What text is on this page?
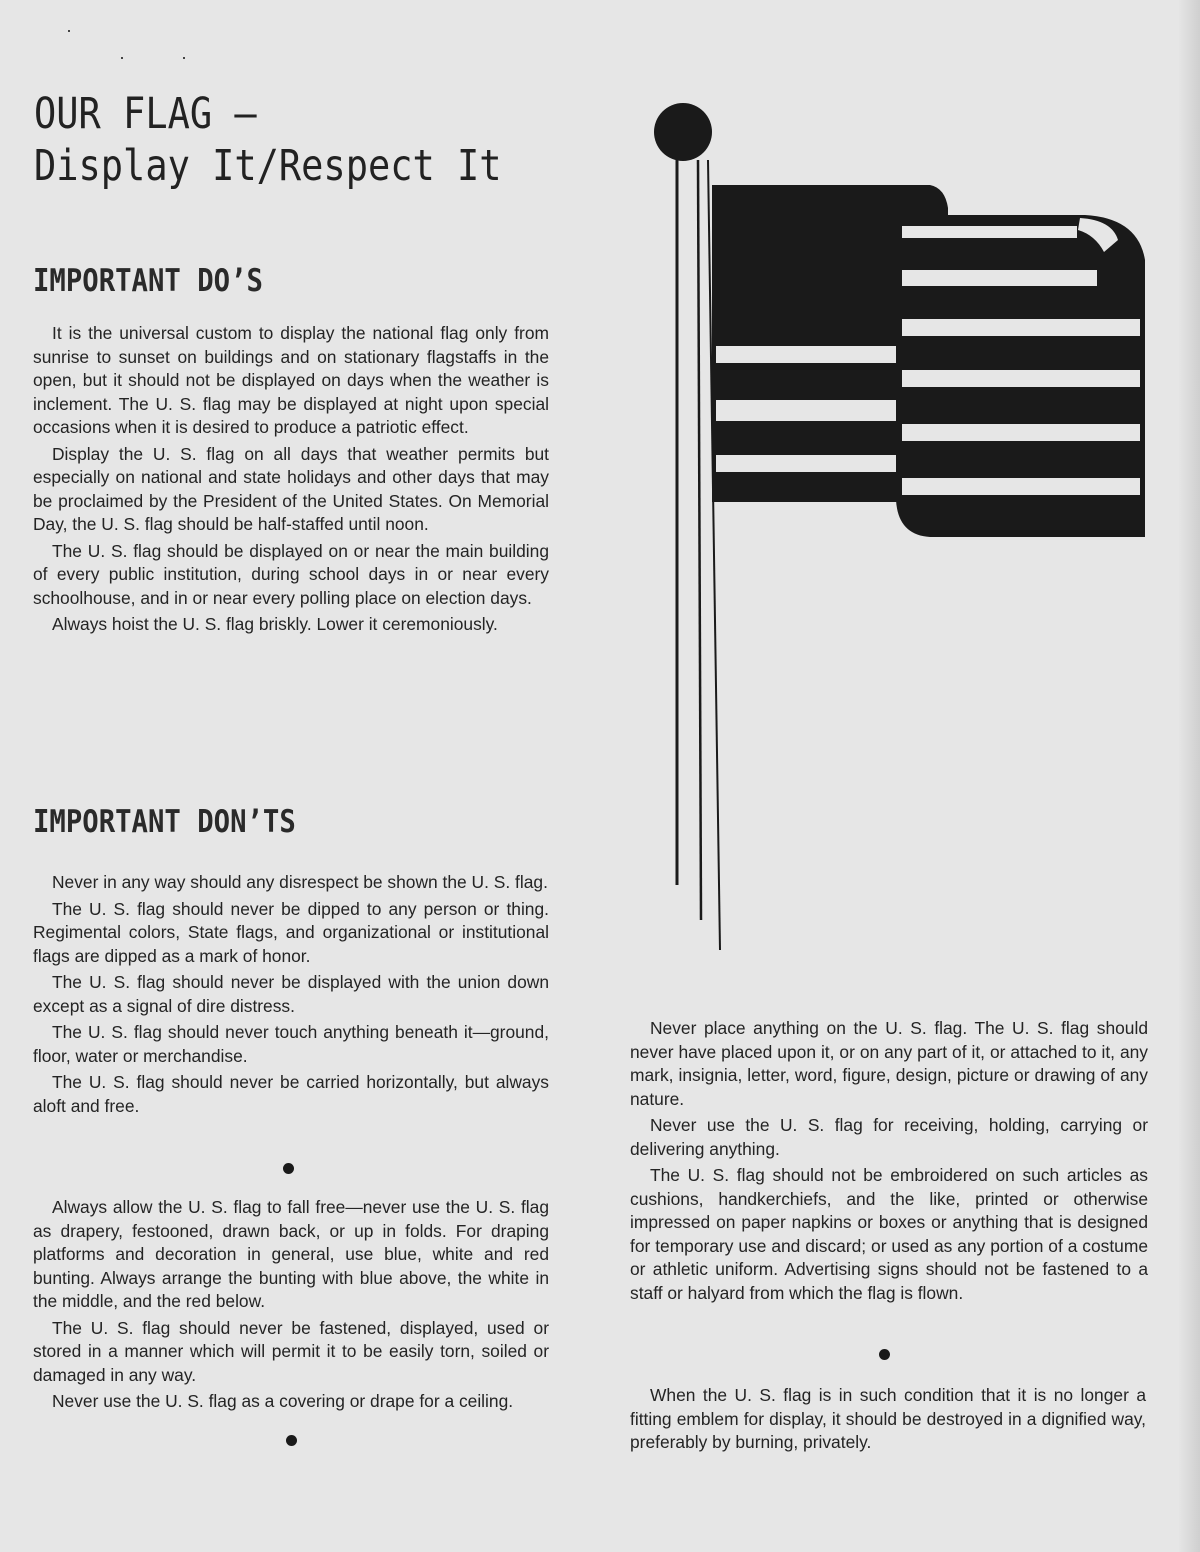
OUR FLAG —
Display It/Respect It
IMPORTANT DO’S

It is the universal custom to display the national flag only from sunrise to sunset on buildings and on stationary flagstaffs in the open, but it should not be displayed on days when the weather is inclement. The U. S. flag may be displayed at night upon special occasions when it is desired to produce a patriotic effect.

Display the U. S. flag on all days that weather permits but especially on national and state holidays and other days that may be proclaimed by the President of the United States. On Memorial Day, the U. S. flag should be half-staffed until noon.

The U. S. flag should be displayed on or near the main building of every public institution, during school days in or near every schoolhouse, and in or near every polling place on election days.

Always hoist the U. S. flag briskly. Lower it ceremoniously.

IMPORTANT DON’TS

Never in any way should any disrespect be shown the U. S. flag.

The U. S. flag should never be dipped to any person or thing. Regimental colors, State flags, and organizational or institutional flags are dipped as a mark of honor.

The U. S. flag should never be displayed with the union down except as a signal of dire distress.

The U. S. flag should never touch anything beneath it—ground, floor, water or merchandise.

The U. S. flag should never be carried horizontally, but always aloft and free.

Always allow the U. S. flag to fall free—never use the U. S. flag as drapery, festooned, drawn back, or up in folds. For draping platforms and decoration in general, use blue, white and red bunting. Always arrange the bunting with blue above, the white in the middle, and the red below.

The U. S. flag should never be fastened, displayed, used or stored in a manner which will permit it to be easily torn, soiled or damaged in any way.

Never use the U. S. flag as a covering or drape for a ceiling.

Never place anything on the U. S. flag. The U. S. flag should never have placed upon it, or on any part of it, or attached to it, any mark, insignia, letter, word, figure, design, picture or drawing of any nature.

Never use the U. S. flag for receiving, holding, carrying or delivering anything.

The U. S. flag should not be embroidered on such articles as cushions, handkerchiefs, and the like, printed or otherwise impressed on paper napkins or boxes or anything that is designed for temporary use and discard; or used as any portion of a costume or athletic uniform. Advertising signs should not be fastened to a staff or halyard from which the flag is flown.

When the U. S. flag is in such condition that it is no longer a fitting emblem for display, it should be destroyed in a dignified way, preferably by burning, privately.
